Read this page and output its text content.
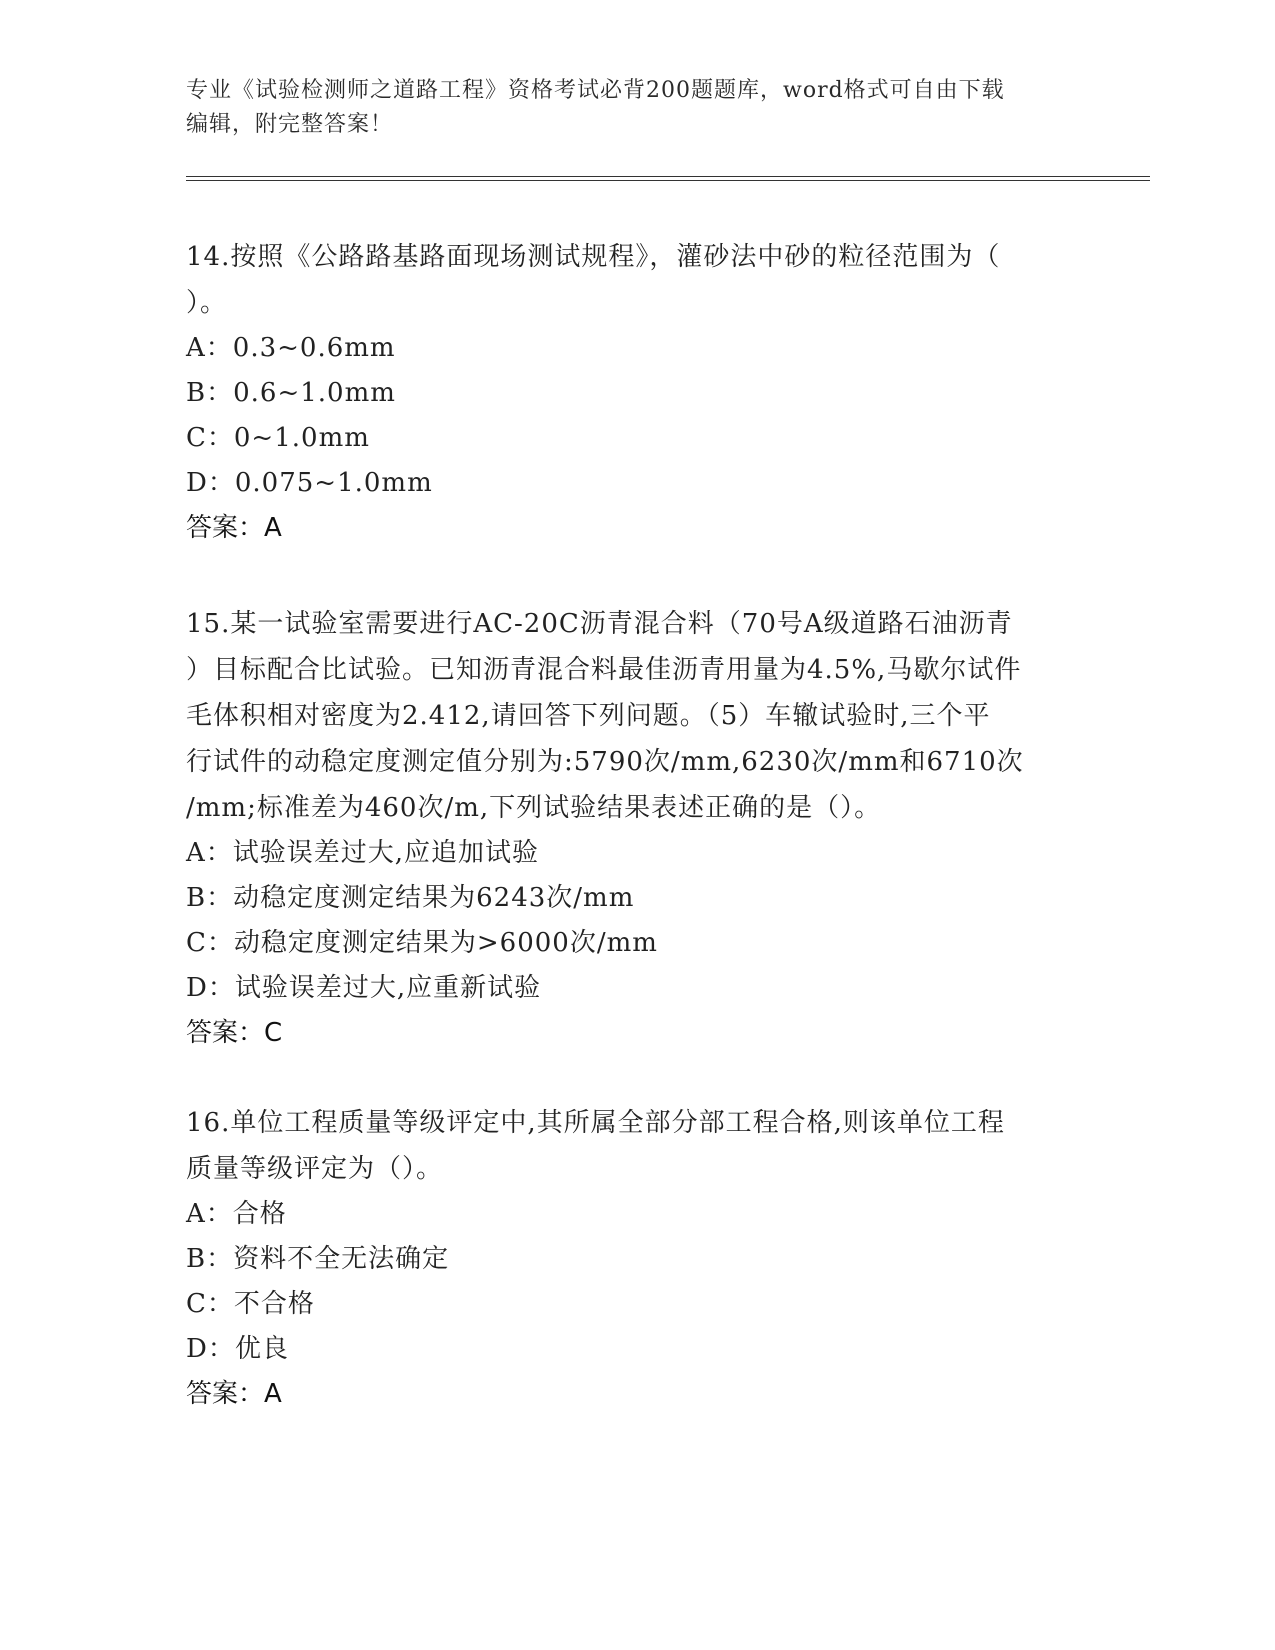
专业《试验检测师之道路工程》资格考试必背200题题库，word格式可自由下载
编辑，附完整答案！

14.按照《公路路基路面现场测试规程》，灌砂法中砂的粒径范围为（

）。

A：0.3~0.6mm

B：0.6~1.0mm

C：0~1.0mm

D：0.075~1.0mm

答案：A

15.某一试验室需要进行AC-20C沥青混合料（70号A级道路石油沥青

）目标配合比试验。已知沥青混合料最佳沥青用量为4.5%,马歇尔试件

毛体积相对密度为2.412,请回答下列问题。（5）车辙试验时,三个平

行试件的动稳定度测定值分别为:5790次/mm,6230次/mm和6710次

/mm;标准差为460次/m,下列试验结果表述正确的是（）。

A：试验误差过大,应追加试验

B：动稳定度测定结果为6243次/mm

C：动稳定度测定结果为>6000次/mm

D：试验误差过大,应重新试验

答案：C

16.单位工程质量等级评定中,其所属全部分部工程合格,则该单位工程

质量等级评定为（）。

A：合格

B：资料不全无法确定

C：不合格

D：优良

答案：A
